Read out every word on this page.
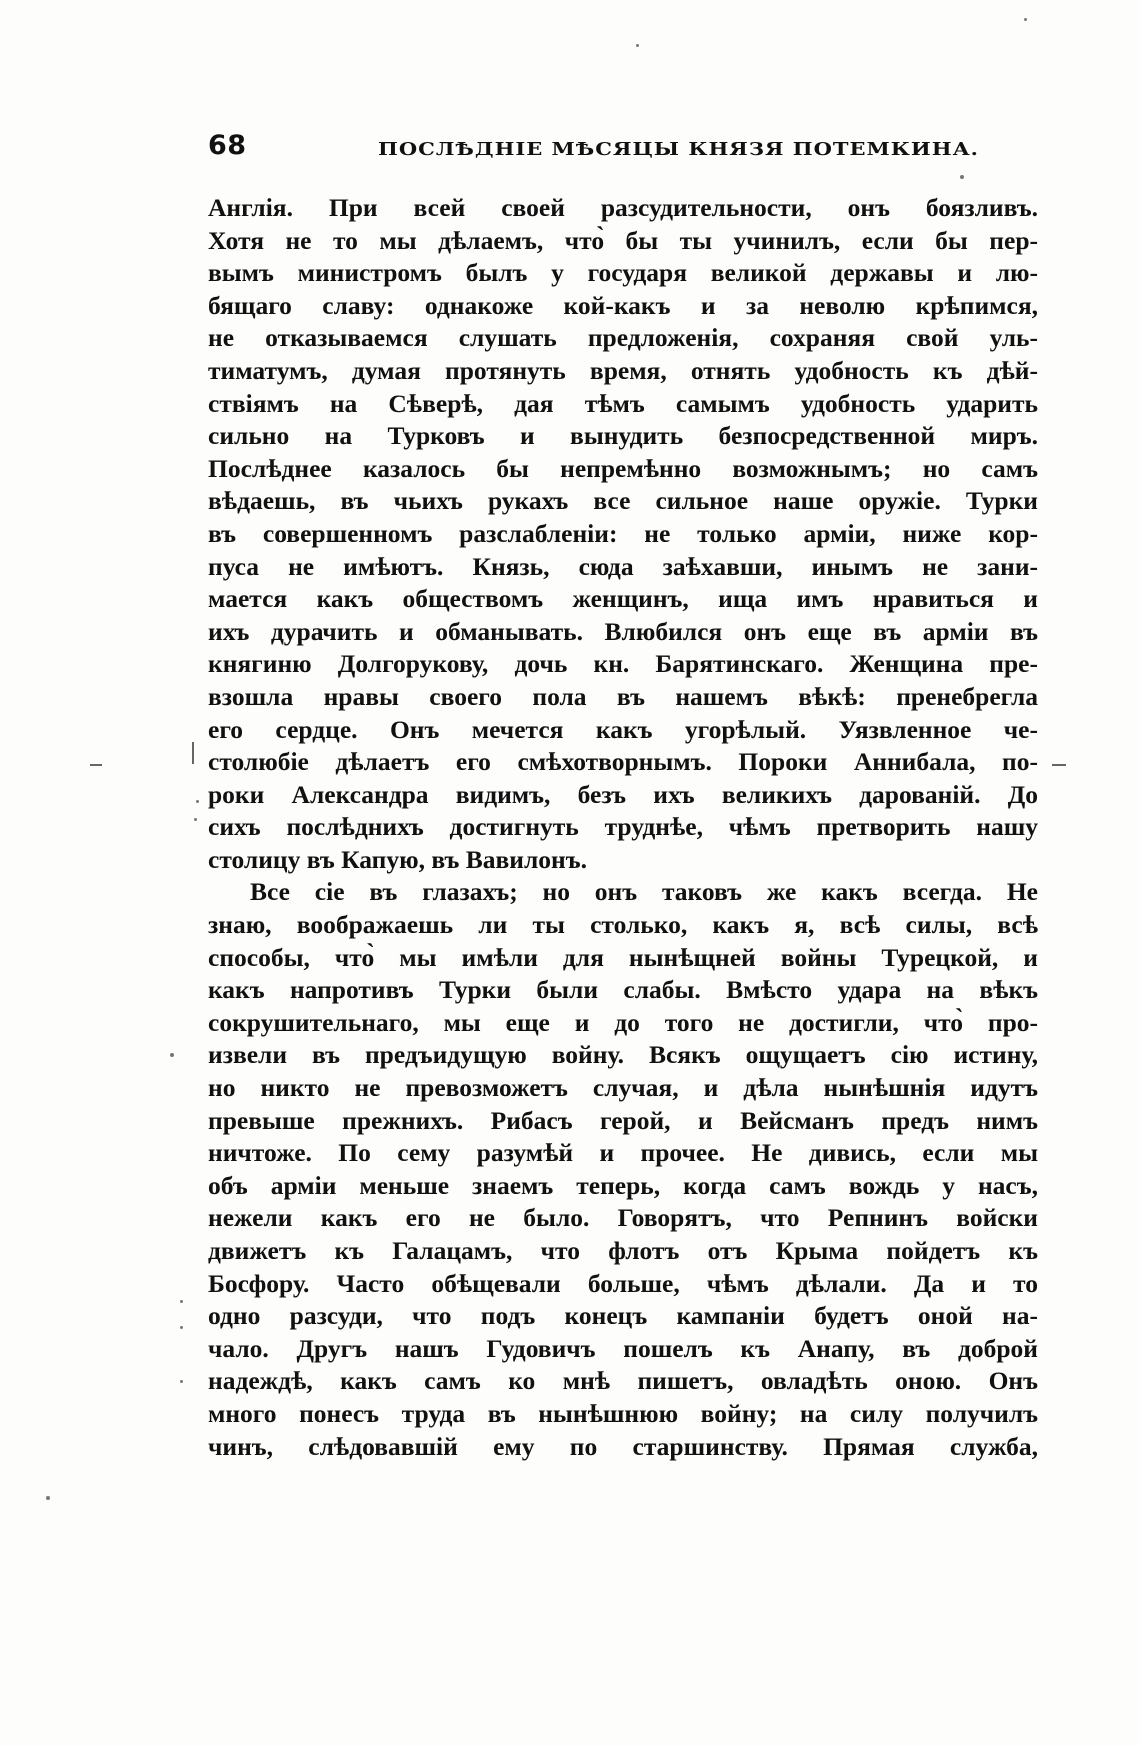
68	ПОСЛѢДНІЕ МѢСЯЦЫ КНЯЗЯ ПОТЕМКИНА.
Англія. При всей своей разсудительности, онъ боязливъ.
Хотя не то мы дѣлаемъ, что̀ бы ты учинилъ, если бы пер-
вымъ министромъ былъ у государя великой державы и лю-
бящаго славу: однакоже кой-какъ и за неволю крѣпимся,
не отказываемся слушать предложенія, сохраняя свой уль-
тиматумъ, думая протянуть время, отнять удобность къ дѣй-
ствіямъ на Сѣверѣ, дая тѣмъ самымъ удобность ударить
сильно на Турковъ и вынудить безпосредственной миръ.
Послѣднее казалось бы непремѣнно возможнымъ; но самъ
вѣдаешь, въ чьихъ рукахъ все сильное наше оружіе. Турки
въ совершенномъ разслабленіи: не только арміи, ниже кор-
пуса не имѣютъ. Князь, сюда заѣхавши, инымъ не зани-
мается какъ обществомъ женщинъ, ища имъ нравиться и
ихъ дурачить и обманывать. Влюбился онъ еще въ арміи въ
княгиню Долгорукову, дочь кн. Барятинскаго. Женщина пре-
взошла нравы своего пола въ нашемъ вѣкѣ: пренебрегла
его сердце. Онъ мечется какъ угорѣлый. Уязвленное че-
столюбіе дѣлаетъ его смѣхотворнымъ. Пороки Аннибала, по-
роки Александра видимъ, безъ ихъ великихъ дарованій. До
сихъ послѣднихъ достигнуть труднѣе, чѣмъ претворить нашу
столицу въ Капую, въ Вавилонъ.
Все сіе въ глазахъ; но онъ таковъ же какъ всегда. Не
знаю, воображаешь ли ты столько, какъ я, всѣ силы, всѣ
способы, что̀ мы имѣли для нынѣщней войны Турецкой, и
какъ напротивъ Турки были слабы. Вмѣсто удара на вѣкъ
сокрушительнаго, мы еще и до того не достигли, что̀ про-
извели въ предъидущую войну. Всякъ ощущаетъ сію истину,
но никто не превозможетъ случая, и дѣла нынѣшнія идутъ
превыше прежнихъ. Рибасъ герой, и Вейсманъ предъ нимъ
ничтоже. По сему разумѣй и прочее. Не дивись, если мы
объ арміи меньше знаемъ теперь, когда самъ вождь у насъ,
нежели какъ его не было. Говорятъ, что Репнинъ войски
движетъ къ Галацамъ, что флотъ отъ Крыма пойдетъ къ
Босфору. Часто обѣщевали больше, чѣмъ дѣлали. Да и то
одно разсуди, что подъ конецъ кампаніи будетъ оной на-
чало. Другъ нашъ Гудовичъ пошелъ къ Анапу, въ доброй
надеждѣ, какъ самъ ко мнѣ пишетъ, овладѣть оною. Онъ
много понесъ труда въ нынѣшнюю войну; на силу получилъ
чинъ, слѣдовавшій ему по старшинству. Прямая служба,
